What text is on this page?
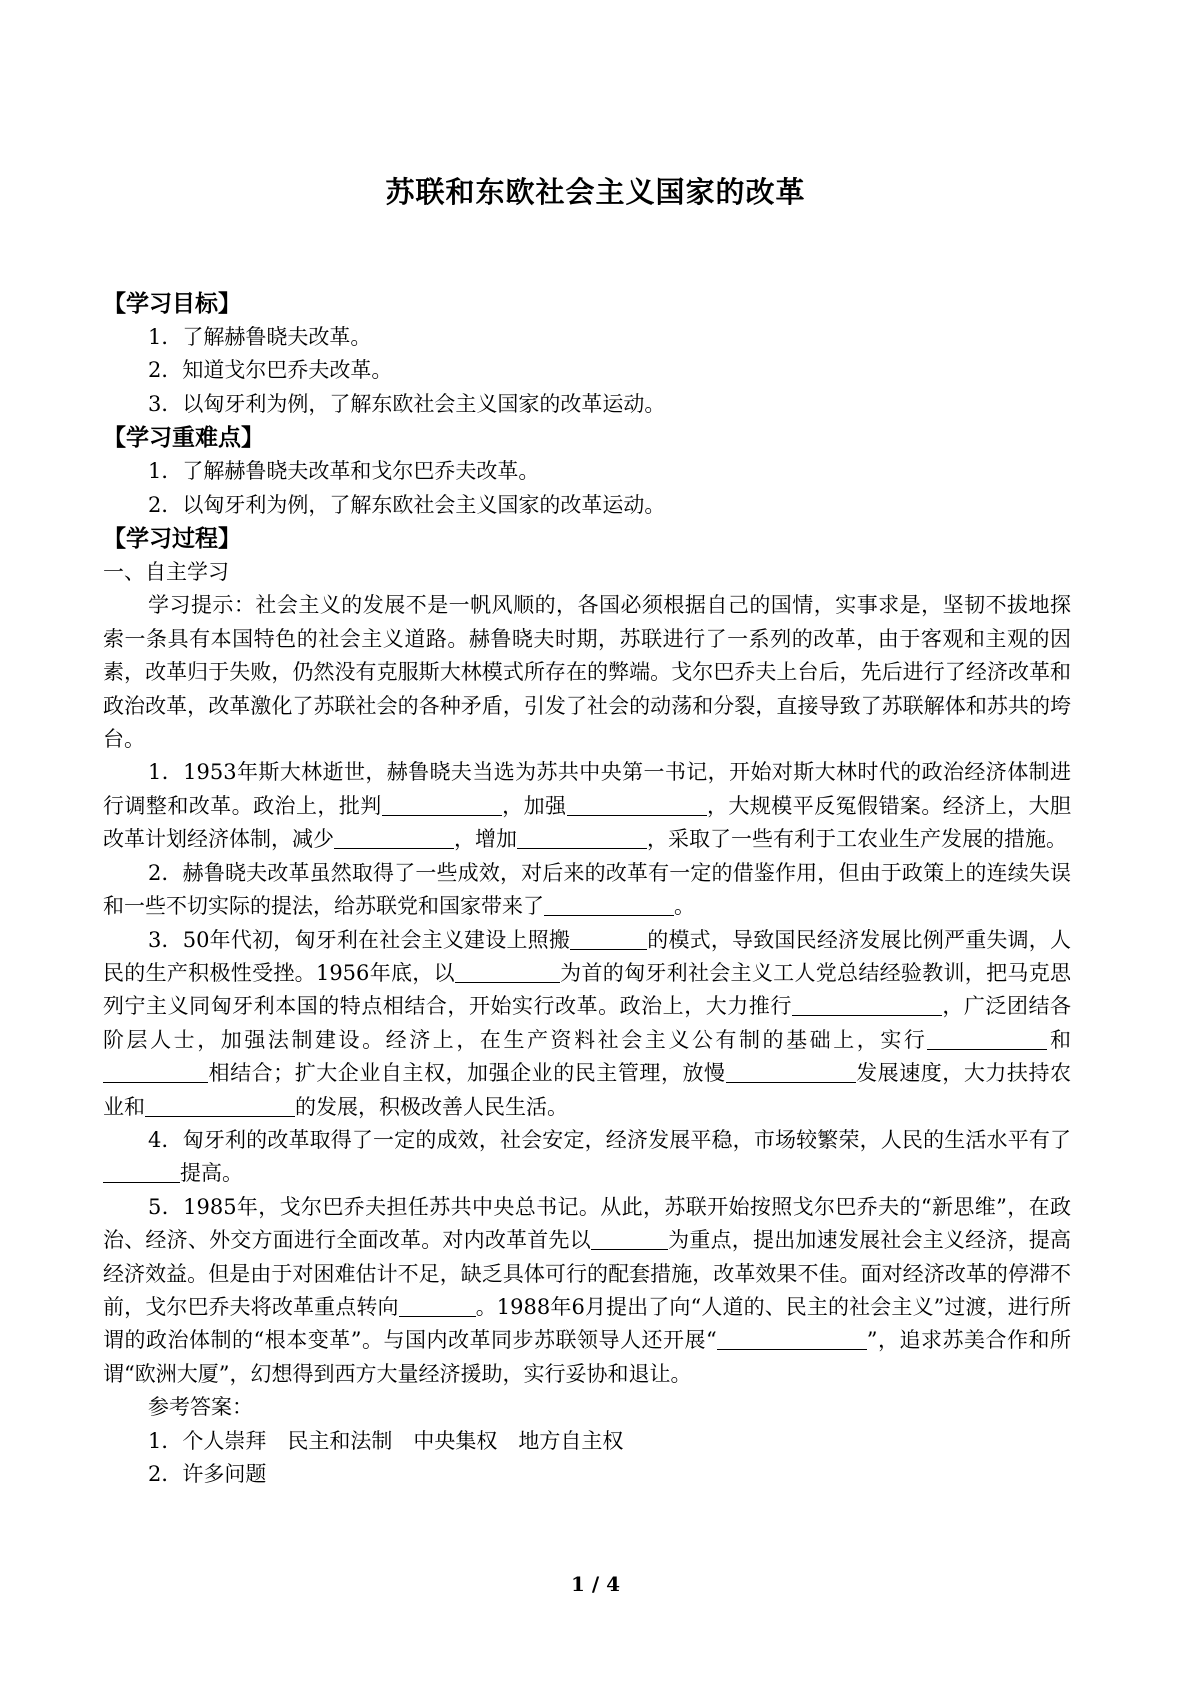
苏联和东欧社会主义国家的改革
【学习目标】
1．了解赫鲁晓夫改革。
2．知道戈尔巴乔夫改革。
3．以匈牙利为例，了解东欧社会主义国家的改革运动。
【学习重难点】
1．了解赫鲁晓夫改革和戈尔巴乔夫改革。
2．以匈牙利为例，了解东欧社会主义国家的改革运动。
【学习过程】
一、自主学习
学习提示：社会主义的发展不是一帆风顺的，各国必须根据自己的国情，实事求是，坚韧不拔地探索一条具有本国特色的社会主义道路。赫鲁晓夫时期，苏联进行了一系列的改革，由于客观和主观的因素，改革归于失败，仍然没有克服斯大林模式所存在的弊端。戈尔巴乔夫上台后，先后进行了经济改革和政治改革，改革激化了苏联社会的各种矛盾，引发了社会的动荡和分裂，直接导致了苏联解体和苏共的垮台。
1．1953年斯大林逝世，赫鲁晓夫当选为苏共中央第一书记，开始对斯大林时代的政治经济体制进行调整和改革。政治上，批判	，加强	，大规模平反冤假错案。经济上，大胆改革计划经济体制，减少	，增加	，采取了一些有利于工农业生产发展的措施。
2．赫鲁晓夫改革虽然取得了一些成效，对后来的改革有一定的借鉴作用，但由于政策上的连续失误和一些不切实际的提法，给苏联党和国家带来了	。
3．50年代初，匈牙利在社会主义建设上照搬	的模式，导致国民经济发展比例严重失调，人民的生产积极性受挫。1956年底，以	为首的匈牙利社会主义工人党总结经验教训，把马克思列宁主义同匈牙利本国的特点相结合，开始实行改革。政治上，大力推行	，广泛团结各阶层人士，加强法制建设。经济上，在生产资料社会主义公有制的基础上，实行	和相结合；扩大企业自主权，加强企业的民主管理，放慢	发展速度，大力扶持农业和	的发展，积极改善人民生活。
4．匈牙利的改革取得了一定的成效，社会安定，经济发展平稳，市场较繁荣，人民的生活水平有了提高。
5．1985年，戈尔巴乔夫担任苏共中央总书记。从此，苏联开始按照戈尔巴乔夫的“新思维”，在政治、经济、外交方面进行全面改革。对内改革首先以	为重点，提出加速发展社会主义经济，提高经济效益。但是由于对困难估计不足，缺乏具体可行的配套措施，改革效果不佳。面对经济改革的停滞不前，戈尔巴乔夫将改革重点转向	。1988年6月提出了向“人道的、民主的社会主义”过渡，进行所谓的政治体制的“根本变革”。与国内改革同步苏联领导人还开展“	”，追求苏美合作和所谓“欧洲大厦”，幻想得到西方大量经济援助，实行妥协和退让。
参考答案：
1．个人崇拜　民主和法制　中央集权　地方自主权
2．许多问题
1 / 4
